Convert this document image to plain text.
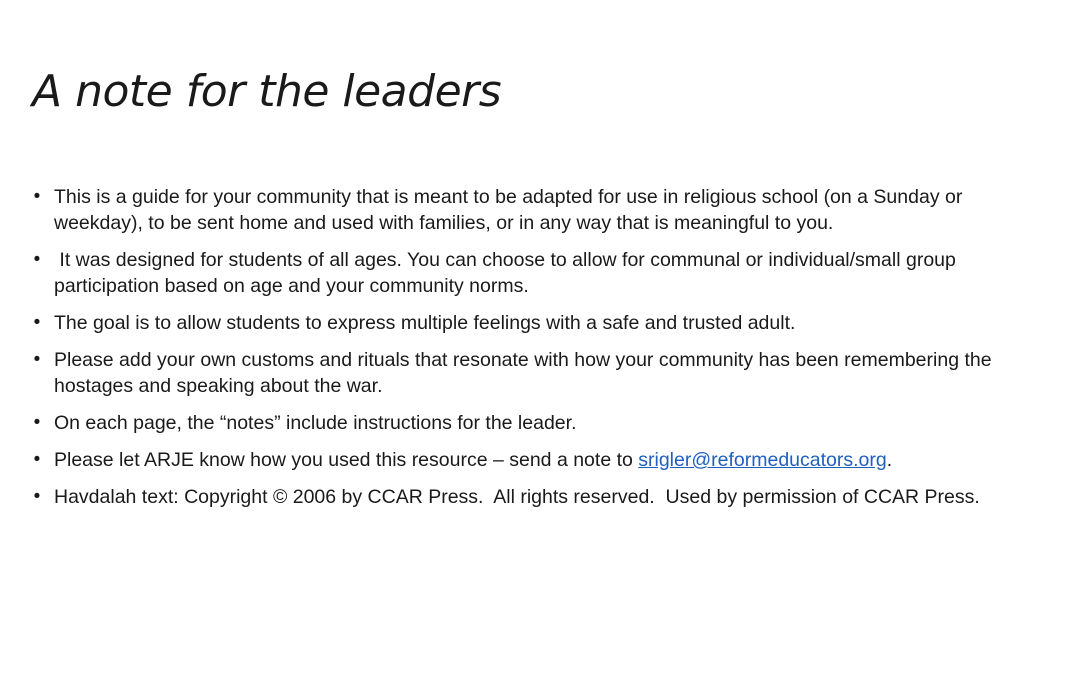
A note for the leaders
• This is a guide for your community that is meant to be adapted for use in religious school (on a Sunday or weekday), to be sent home and used with families, or in any way that is meaningful to you.
• It was designed for students of all ages. You can choose to allow for communal or individual/small group participation based on age and your community norms.
• The goal is to allow students to express multiple feelings with a safe and trusted adult.
• Please add your own customs and rituals that resonate with how your community has been remembering the hostages and speaking about the war.
• On each page, the “notes” include instructions for the leader.
• Please let ARJE know how you used this resource – send a note to srigler@reformeducators.org.
• Havdalah text: Copyright © 2006 by CCAR Press.  All rights reserved.  Used by permission of CCAR Press.
